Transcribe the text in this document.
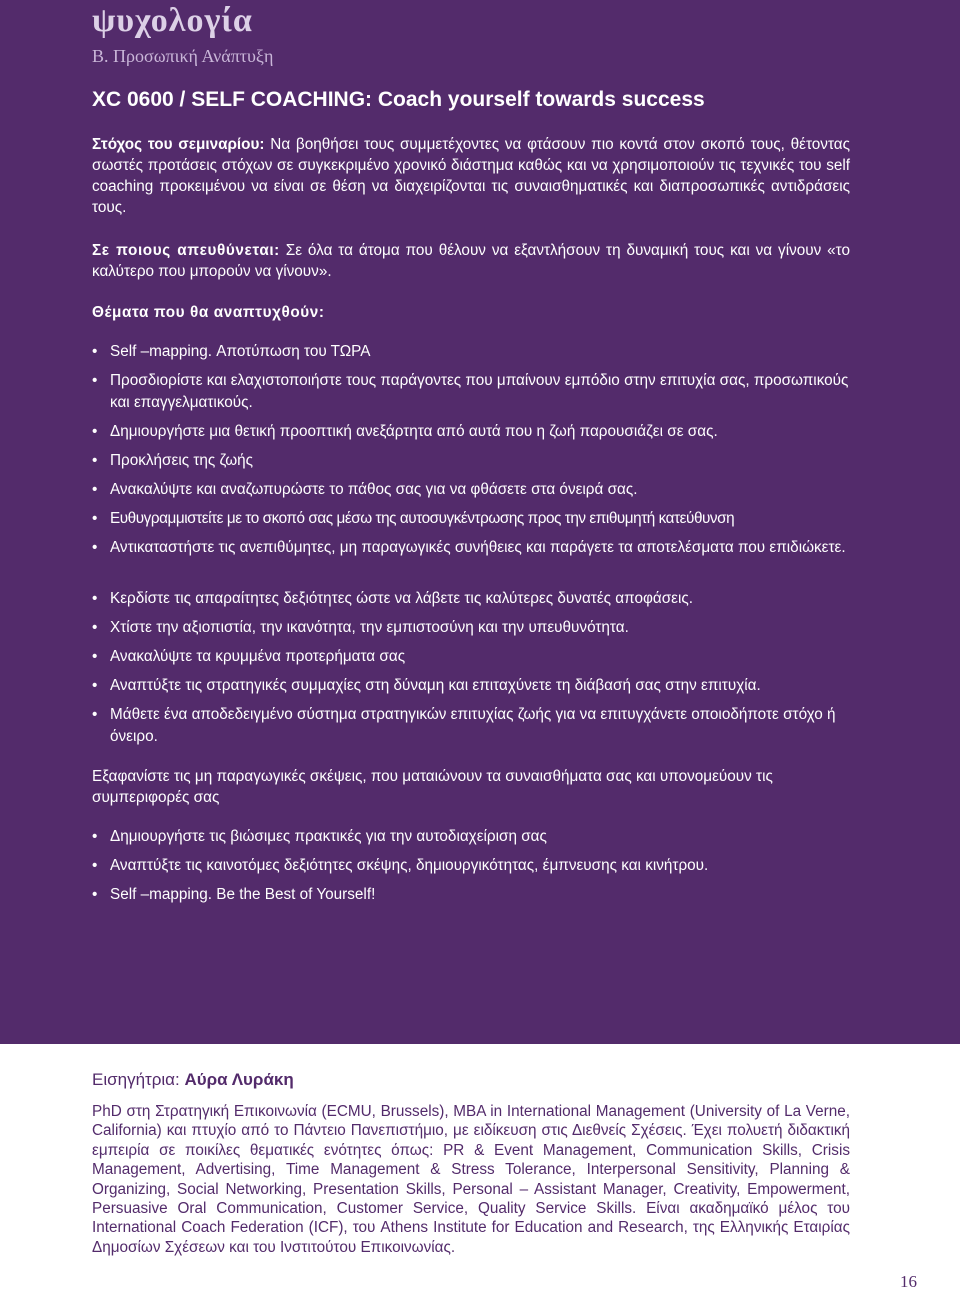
ψυχολογία
Β. Προσωπική Ανάπτυξη
XC 0600 / SELF COACHING: Coach yourself towards success

Στόχος του σεμιναρίου: Να βοηθήσει τους συμμετέχοντες να φτάσουν πιο κοντά στον σκοπό τους, θέτοντας σωστές προτάσεις στόχων σε συγκεκριμένο χρονικό διάστημα καθώς και να χρησιμοποιούν τις τεχνικές του self coaching προκειμένου να είναι σε θέση να διαχειρίζονται τις συναισθηματικές και διαπροσωπικές αντιδράσεις τους.

Σε ποιους απευθύνεται: Σε όλα τα άτομα που θέλουν να εξαντλήσουν τη δυναμική τους και να γίνουν «το καλύτερο που μπορούν να γίνουν».

Θέματα που θα αναπτυχθούν:
• Self –mapping. Αποτύπωση του ΤΩΡΑ
• Προσδιορίστε και ελαχιστοποιήστε τους παράγοντες που μπαίνουν εμπόδιο στην επιτυχία σας, προσωπικούς και επαγγελματικούς.
• Δημιουργήστε μια θετική προοπτική ανεξάρτητα από αυτά που η ζωή παρουσιάζει σε σας.
• Προκλήσεις της ζωής
• Ανακαλύψτε και αναζωπυρώστε το πάθος σας για να φθάσετε στα όνειρά σας.
• Ευθυγραμμιστείτε με το σκοπό σας μέσω της αυτοσυγκέντρωσης προς την επιθυμητή κατεύθυνση
• Αντικαταστήστε τις ανεπιθύμητες, μη παραγωγικές συνήθειες και παράγετε τα αποτελέσματα που επιδιώκετε.
• Κερδίστε τις απαραίτητες δεξιότητες ώστε να λάβετε τις καλύτερες δυνατές αποφάσεις.
• Χτίστε την αξιοπιστία, την ικανότητα, την εμπιστοσύνη και την υπευθυνότητα.
• Ανακαλύψτε τα κρυμμένα προτερήματα σας
• Αναπτύξτε τις στρατηγικές συμμαχίες στη δύναμη και επιταχύνετε τη διάβασή σας στην επιτυχία.
• Μάθετε ένα αποδεδειγμένο σύστημα στρατηγικών επιτυχίας ζωής για να επιτυγχάνετε οποιοδήποτε στόχο ή όνειρο.

Εξαφανίστε τις μη παραγωγικές σκέψεις, που ματαιώνουν τα συναισθήματα σας και υπονομεύουν τις συμπεριφορές σας

• Δημιουργήστε τις βιώσιμες πρακτικές για την αυτοδιαχείριση σας
• Αναπτύξτε τις καινοτόμες δεξιότητες σκέψης, δημιουργικότητας, έμπνευσης και κινήτρου.
• Self –mapping. Be the Best of Yourself!
Εισηγήτρια: Αύρα Λυράκη

PhD στη Στρατηγική Επικοινωνία (ECMU, Brussels), MBA in International Management (University of La Verne, California) και πτυχίο από το Πάντειο Πανεπιστήμιο, με ειδίκευση στις Διεθνείς Σχέσεις. Έχει πολυετή διδακτική εμπειρία σε ποικίλες θεματικές ενότητες όπως: PR & Event Management, Communication Skills, Crisis Management, Advertising, Time Management & Stress Tolerance, Interpersonal Sensitivity, Planning & Organizing, Social Networking, Presentation Skills, Personal – Assistant Manager, Creativity, Empowerment, Persuasive Oral Communication, Customer Service, Quality Service Skills. Είναι ακαδημαϊκό μέλος του International Coach Federation (ICF), του Athens Institute for Education and Research, της Ελληνικής Εταιρίας Δημοσίων Σχέσεων και του Ινστιτούτου Επικοινωνίας.

16
